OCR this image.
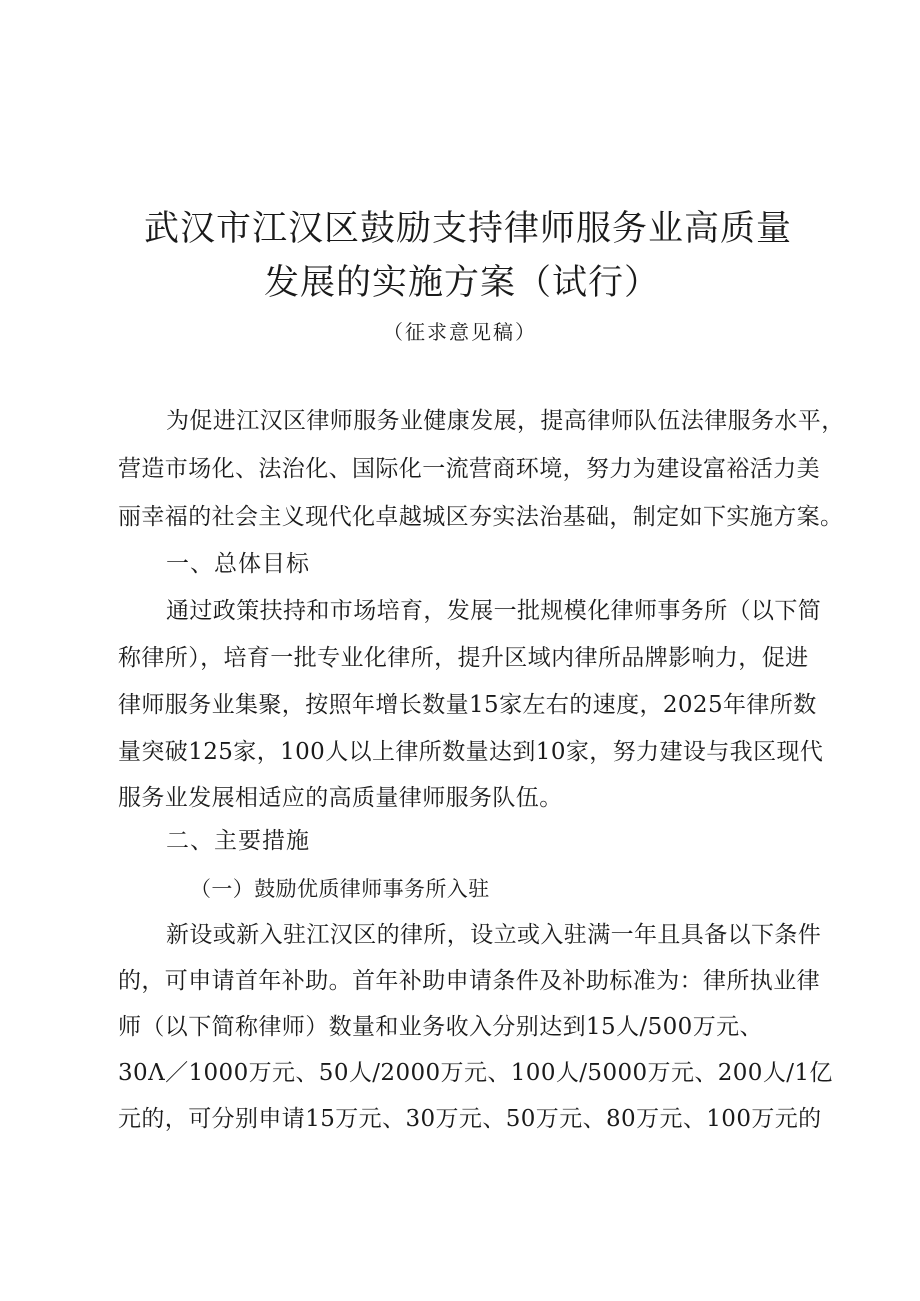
武汉市江汉区鼓励支持律师服务业高质量
发展的实施方案（试行）
（征求意见稿）
为促进江汉区律师服务业健康发展，提高律师队伍法律服务水平，
营造市场化、法治化、国际化一流营商环境，努力为建设富裕活力美
丽幸福的社会主义现代化卓越城区夯实法治基础，制定如下实施方案。
一、总体目标
通过政策扶持和市场培育，发展一批规模化律师事务所（以下简
称律所），培育一批专业化律所，提升区域内律所品牌影响力，促进
律师服务业集聚，按照年增长数量15家左右的速度，2025年律所数
量突破125家，100人以上律所数量达到10家，努力建设与我区现代
服务业发展相适应的高质量律师服务队伍。
二、主要措施
（一）鼓励优质律师事务所入驻
新设或新入驻江汉区的律所，设立或入驻满一年且具备以下条件
的，可申请首年补助。首年补助申请条件及补助标准为：律所执业律
师（以下简称律师）数量和业务收入分别达到15人/500万元、
30Λ／1000万元、50人/2000万元、100人/5000万元、200人/1亿
元的，可分别申请15万元、30万元、50万元、80万元、100万元的
